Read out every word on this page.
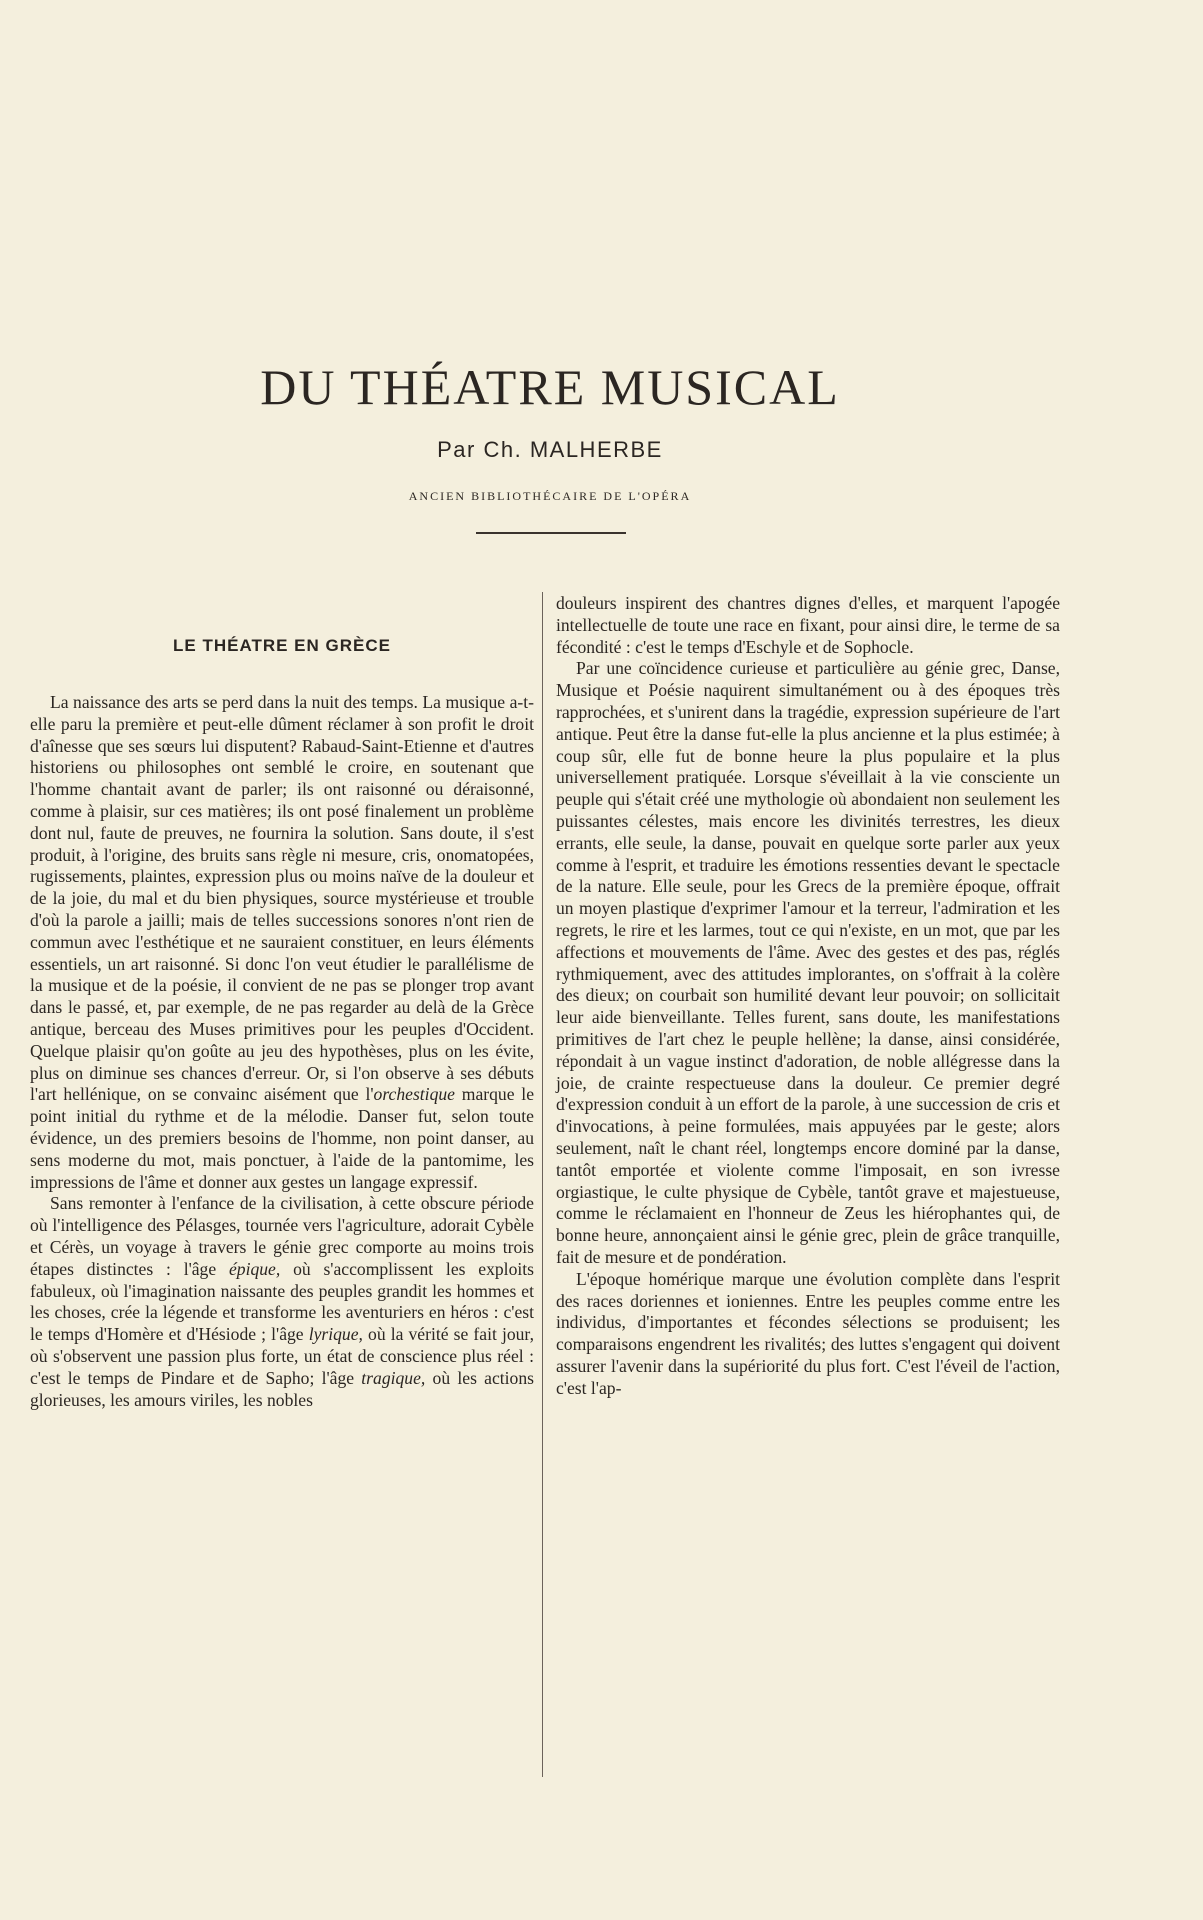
DU THÉATRE MUSICAL
Par Ch. MALHERBE
ANCIEN BIBLIOTHÉCAIRE DE L'OPÉRA
LE THÉATRE EN GRÈCE

La naissance des arts se perd dans la nuit des temps. La musique a-t-elle paru la première et peut-elle dûment réclamer à son profit le droit d'aînesse que ses sœurs lui disputent? Rabaud-Saint-Etienne et d'autres historiens ou philosophes ont semblé le croire, en soutenant que l'homme chantait avant de parler; ils ont raisonné ou déraisonné, comme à plaisir, sur ces matières; ils ont posé finalement un problème dont nul, faute de preuves, ne fournira la solution. Sans doute, il s'est produit, à l'origine, des bruits sans règle ni mesure, cris, onomatopées, rugissements, plaintes, expression plus ou moins naïve de la douleur et de la joie, du mal et du bien physiques, source mystérieuse et trouble d'où la parole a jailli; mais de telles successions sonores n'ont rien de commun avec l'esthétique et ne sauraient constituer, en leurs éléments essentiels, un art raisonné. Si donc l'on veut étudier le parallélisme de la musique et de la poésie, il convient de ne pas se plonger trop avant dans le passé, et, par exemple, de ne pas regarder au delà de la Grèce antique, berceau des Muses primitives pour les peuples d'Occident. Quelque plaisir qu'on goûte au jeu des hypothèses, plus on les évite, plus on diminue ses chances d'erreur. Or, si l'on observe à ses débuts l'art hellénique, on se convainc aisément que l'orchestique marque le point initial du rythme et de la mélodie. Danser fut, selon toute évidence, un des premiers besoins de l'homme, non point danser, au sens moderne du mot, mais ponctuer, à l'aide de la pantomime, les impressions de l'âme et donner aux gestes un langage expressif.

Sans remonter à l'enfance de la civilisation, à cette obscure période où l'intelligence des Pélasges, tournée vers l'agriculture, adorait Cybèle et Cérès, un voyage à travers le génie grec comporte au moins trois étapes distinctes : l'âge épique, où s'accomplissent les exploits fabuleux, où l'imagination naissante des peuples grandit les hommes et les choses, crée la légende et transforme les aventuriers en héros : c'est le temps d'Homère et d'Hésiode ; l'âge lyrique, où la vérité se fait jour, où s'observent une passion plus forte, un état de conscience plus réel : c'est le temps de Pindare et de Sapho; l'âge tragique, où les actions glorieuses, les amours viriles, les nobles

douleurs inspirent des chantres dignes d'elles, et marquent l'apogée intellectuelle de toute une race en fixant, pour ainsi dire, le terme de sa fécondité : c'est le temps d'Eschyle et de Sophocle.

Par une coïncidence curieuse et particulière au génie grec, Danse, Musique et Poésie naquirent simultanément ou à des époques très rapprochées, et s'unirent dans la tragédie, expression supérieure de l'art antique. Peut être la danse fut-elle la plus ancienne et la plus estimée; à coup sûr, elle fut de bonne heure la plus populaire et la plus universellement pratiquée. Lorsque s'éveillait à la vie consciente un peuple qui s'était créé une mythologie où abondaient non seulement les puissantes célestes, mais encore les divinités terrestres, les dieux errants, elle seule, la danse, pouvait en quelque sorte parler aux yeux comme à l'esprit, et traduire les émotions ressenties devant le spectacle de la nature. Elle seule, pour les Grecs de la première époque, offrait un moyen plastique d'exprimer l'amour et la terreur, l'admiration et les regrets, le rire et les larmes, tout ce qui n'existe, en un mot, que par les affections et mouvements de l'âme. Avec des gestes et des pas, réglés rythmiquement, avec des attitudes implorantes, on s'offrait à la colère des dieux; on courbait son humilité devant leur pouvoir; on sollicitait leur aide bienveillante. Telles furent, sans doute, les manifestations primitives de l'art chez le peuple hellène; la danse, ainsi considérée, répondait à un vague instinct d'adoration, de noble allégresse dans la joie, de crainte respectueuse dans la douleur. Ce premier degré d'expression conduit à un effort de la parole, à une succession de cris et d'invocations, à peine formulées, mais appuyées par le geste; alors seulement, naît le chant réel, longtemps encore dominé par la danse, tantôt emportée et violente comme l'imposait, en son ivresse orgiastique, le culte physique de Cybèle, tantôt grave et majestueuse, comme le réclamaient en l'honneur de Zeus les hiérophantes qui, de bonne heure, annonçaient ainsi le génie grec, plein de grâce tranquille, fait de mesure et de pondération.

L'époque homérique marque une évolution complète dans l'esprit des races doriennes et ioniennes. Entre les peuples comme entre les individus, d'importantes et fécondes sélections se produisent; les comparaisons engendrent les rivalités; des luttes s'engagent qui doivent assurer l'avenir dans la supériorité du plus fort. C'est l'éveil de l'action, c'est l'ap-
